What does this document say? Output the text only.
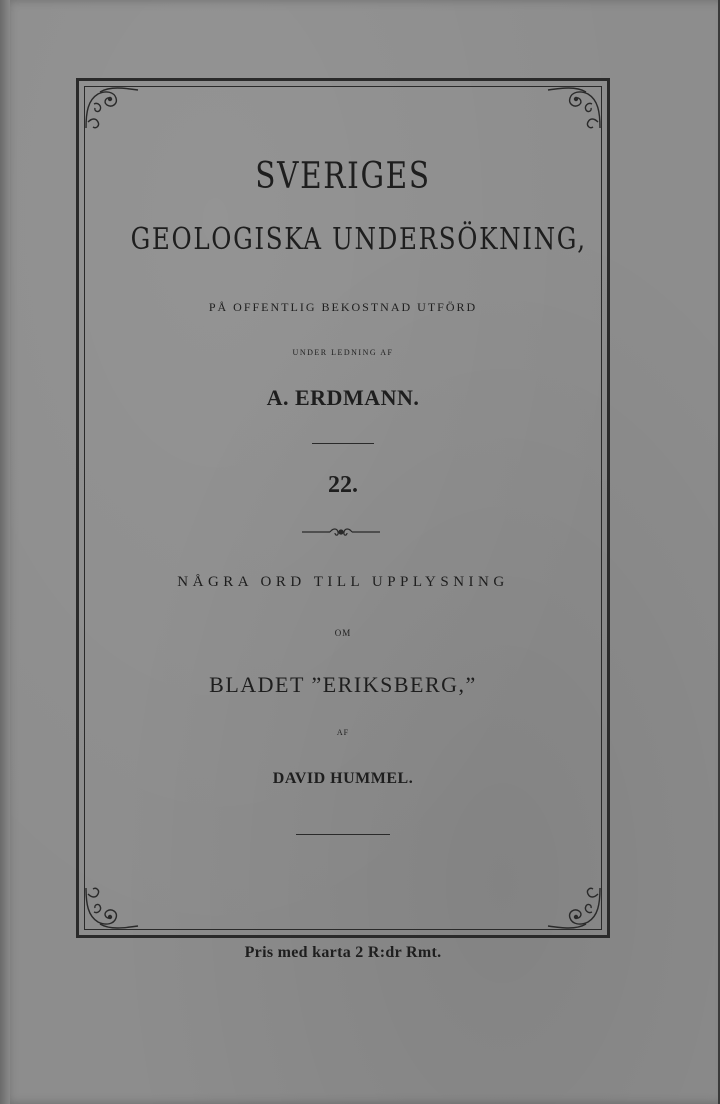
SVERIGES
GEOLOGISKA UNDERSÖKNING,
PÅ OFFENTLIG BEKOSTNAD UTFÖRD
UNDER LEDNING AF
A. ERDMANN.
22.
NÅGRA ORD TILL UPPLYSNING
OM
BLADET ”ERIKSBERG,”
AF
DAVID HUMMEL.
Pris med karta 2 R:dr Rmt.
